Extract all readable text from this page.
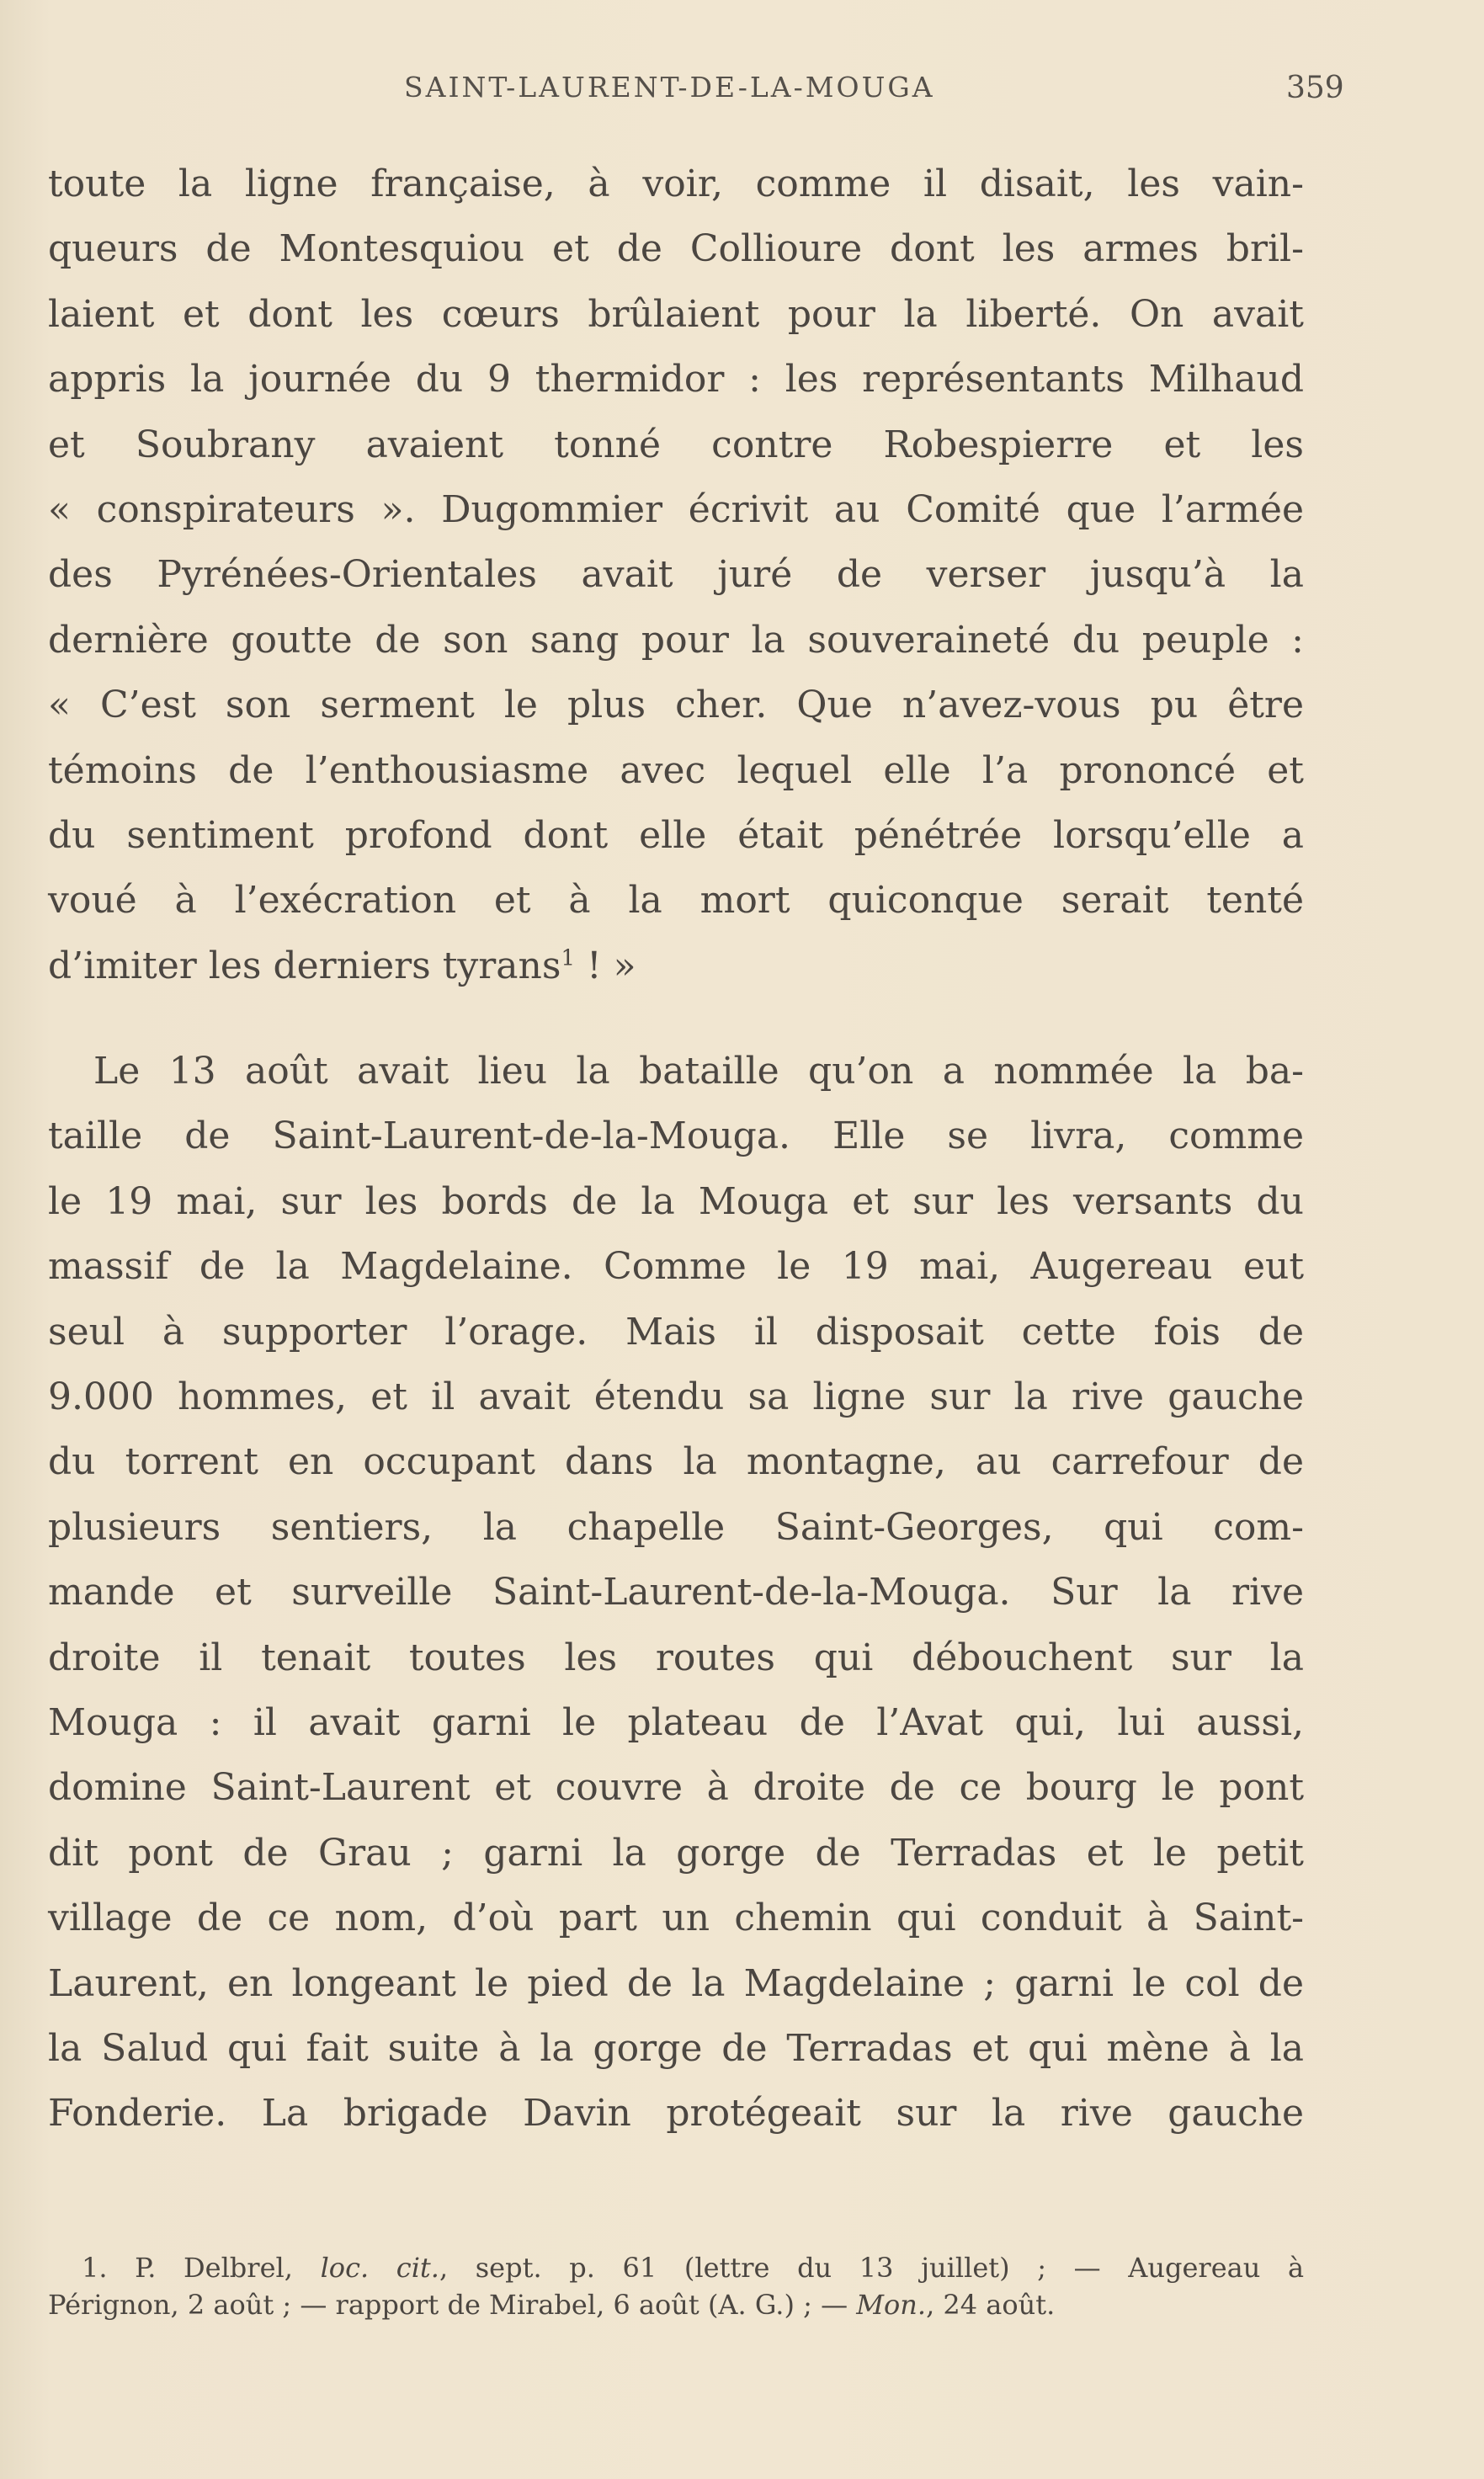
SAINT-LAURENT-DE-LA-MOUGA	359
toute la ligne française, à voir, comme il disait, les vain-
queurs de Montesquiou et de Collioure dont les armes bril-
laient et dont les cœurs brûlaient pour la liberté. On avait
appris la journée du 9 thermidor : les représentants Milhaud
et Soubrany avaient tonné contre Robespierre et les
« conspirateurs ». Dugommier écrivit au Comité que l’armée
des Pyrénées-Orientales avait juré de verser jusqu’à la
dernière goutte de son sang pour la souveraineté du peuple :
« C’est son serment le plus cher. Que n’avez-vous pu être
témoins de l’enthousiasme avec lequel elle l’a prononcé et
du sentiment profond dont elle était pénétrée lorsqu’elle a
voué à l’exécration et à la mort quiconque serait tenté
d’imiter les derniers tyrans$^1$ ! »
Le 13 août avait lieu la bataille qu’on a nommée la ba-
taille de Saint-Laurent-de-la-Mouga. Elle se livra, comme
le 19 mai, sur les bords de la Mouga et sur les versants du
massif de la Magdelaine. Comme le 19 mai, Augereau eut
seul à supporter l’orage. Mais il disposait cette fois de
9.000 hommes, et il avait étendu sa ligne sur la rive gauche
du torrent en occupant dans la montagne, au carrefour de
plusieurs sentiers, la chapelle Saint-Georges, qui com-
mande et surveille Saint-Laurent-de-la-Mouga. Sur la rive
droite il tenait toutes les routes qui débouchent sur la
Mouga : il avait garni le plateau de l’Avat qui, lui aussi,
domine Saint-Laurent et couvre à droite de ce bourg le pont
dit pont de Grau ; garni la gorge de Terradas et le petit
village de ce nom, d’où part un chemin qui conduit à Saint-
Laurent, en longeant le pied de la Magdelaine ; garni le col de
la Salud qui fait suite à la gorge de Terradas et qui mène à la
Fonderie. La brigade Davin protégeait sur la rive gauche
1. P. Delbrel, loc. cit., sept. p. 61 (lettre du 13 juillet) ; — Augereau à
Pérignon, 2 août ; — rapport de Mirabel, 6 août (A. G.) ; — Mon., 24 août.
